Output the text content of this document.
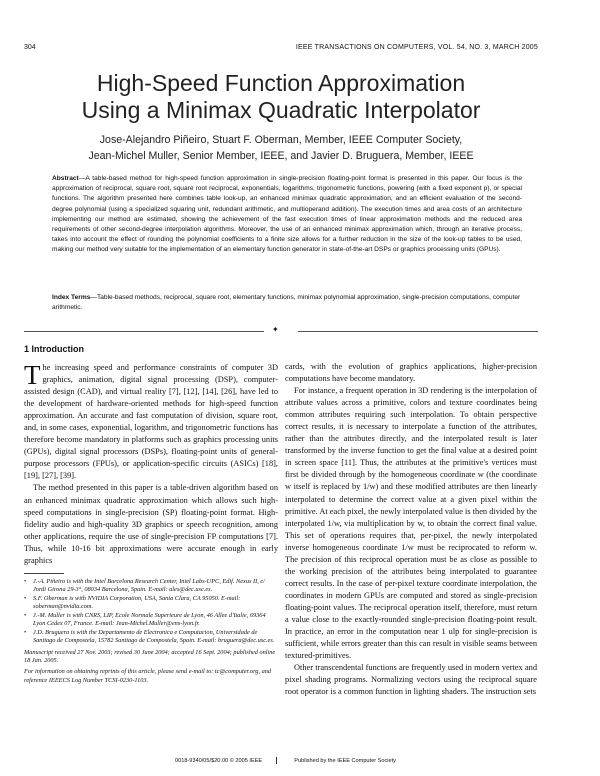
304	IEEE TRANSACTIONS ON COMPUTERS, VOL. 54, NO. 3, MARCH 2005
High-Speed Function Approximation
Using a Minimax Quadratic Interpolator
Jose-Alejandro Piñeiro, Stuart F. Oberman, Member, IEEE Computer Society,
Jean-Michel Muller, Senior Member, IEEE, and Javier D. Bruguera, Member, IEEE
Abstract—A table-based method for high-speed function approximation in single-precision floating-point format is presented in this paper. Our focus is the approximation of reciprocal, square root, square root reciprocal, exponentials, logarithms, trigonometric functions, powering (with a fixed exponent p), or special functions. The algorithm presented here combines table look-up, an enhanced minimax quadratic approximation, and an efficient evaluation of the second-degree polynomial (using a specialized squaring unit, redundant arithmetic, and multioperand addition). The execution times and area costs of an architecture implementing our method are estimated, showing the achievement of the fast execution times of linear approximation methods and the reduced area requirements of other second-degree interpolation algorithms. Moreover, the use of an enhanced minimax approximation which, through an iterative process, takes into account the effect of rounding the polynomial coefficients to a finite size allows for a further reduction in the size of the look-up tables to be used, making our method very suitable for the implementation of an elementary function generator in state-of-the-art DSPs or graphics processing units (GPUs).
Index Terms—Table-based methods, reciprocal, square root, elementary functions, minimax polynomial approximation, single-precision computations, computer arithmetic.
✦
1 Introduction

The increasing speed and performance constraints of computer 3D graphics, animation, digital signal processing (DSP), computer-assisted design (CAD), and virtual reality [7], [12], [14], [26], have led to the development of hardware-oriented methods for high-speed function approximation. An accurate and fast computation of division, square root, and, in some cases, exponential, logarithm, and trigonometric functions has therefore become mandatory in platforms such as graphics processing units (GPUs), digital signal processors (DSPs), floating-point units of general-purpose processors (FPUs), or application-specific circuits (ASICs) [18], [19], [27], [39].

The method presented in this paper is a table-driven algorithm based on an enhanced minimax quadratic approximation which allows such high-speed computations in single-precision (SP) floating-point format. High-fidelity audio and high-quality 3D graphics or speech recognition, among other applications, require the use of single-precision FP computations [7]. Thus, while 10-16 bit approximations were accurate enough in early graphics

• J.-A. Piñeiro is with the Intel Barcelona Research Center, Intel Labs-UPC, Edif. Nexus II, c/ Jordi Girona 29-3°, 08034 Barcelona, Spain. E-mail: ales@dec.usc.es.
• S.F. Oberman is with NVIDIA Corporation, USA, Santa Clara, CA 95050. E-mail: soberman@nvidia.com.
• J.-M. Muller is with CNRS, LIP, Ecole Normale Superieure de Lyon, 46 Allee d'Italie, 69364 Lyon Cedex 07, France. E-mail: Jean-Michel.Muller@ens-lyon.fr.
• J.D. Bruguera is with the Departamento de Electronica e Computacion, Universidade de Santiago de Compostela, 15782 Santiago de Compostela, Spain. E-mail: bruguera@dec.usc.es.
Manuscript received 27 Nov. 2003; revised 30 June 2004; accepted 16 Sept. 2004; published online 18 Jan. 2005.
For information on obtaining reprints of this article, please send e-mail to: tc@computer.org, and reference IEEECS Log Number TCSI-0230-1103.

cards, with the evolution of graphics applications, higher-precision computations have become mandatory.

For instance, a frequent operation in 3D rendering is the interpolation of attribute values across a primitive, colors and texture coordinates being common attributes requiring such interpolation. To obtain perspective correct results, it is necessary to interpolate a function of the attributes, rather than the attributes directly, and the interpolated result is later transformed by the inverse function to get the final value at a desired point in screen space [11]. Thus, the attributes at the primitive's vertices must first be divided through by the homogeneous coordinate w (the coordinate w itself is replaced by 1/w) and these modified attributes are then linearly interpolated to determine the correct value at a given pixel within the primitive. At each pixel, the newly interpolated value is then divided by the interpolated 1/w, via multiplication by w, to obtain the correct final value. This set of operations requires that, per-pixel, the newly interpolated inverse homogeneous coordinate 1/w must be reciprocated to reform w. The precision of this reciprocal operation must be as close as possible to the working precision of the attributes being interpolated to guarantee correct results. In the case of per-pixel texture coordinate interpolation, the coordinates in modern GPUs are computed and stored as single-precision floating-point values. The reciprocal operation itself, therefore, must return a value close to the exactly-rounded single-precision floating-point result. In practice, an error in the computation near 1 ulp for single-precision is sufficient, while errors greater than this can result in visible seams between textured-primitives.

Other transcendental functions are frequently used in modern vertex and pixel shading programs. Normalizing vectors using the reciprocal square root operator is a common function in lighting shaders. The instruction sets

0018-9340/05/$20.00 © 2005 IEEE	Published by the IEEE Computer Society
